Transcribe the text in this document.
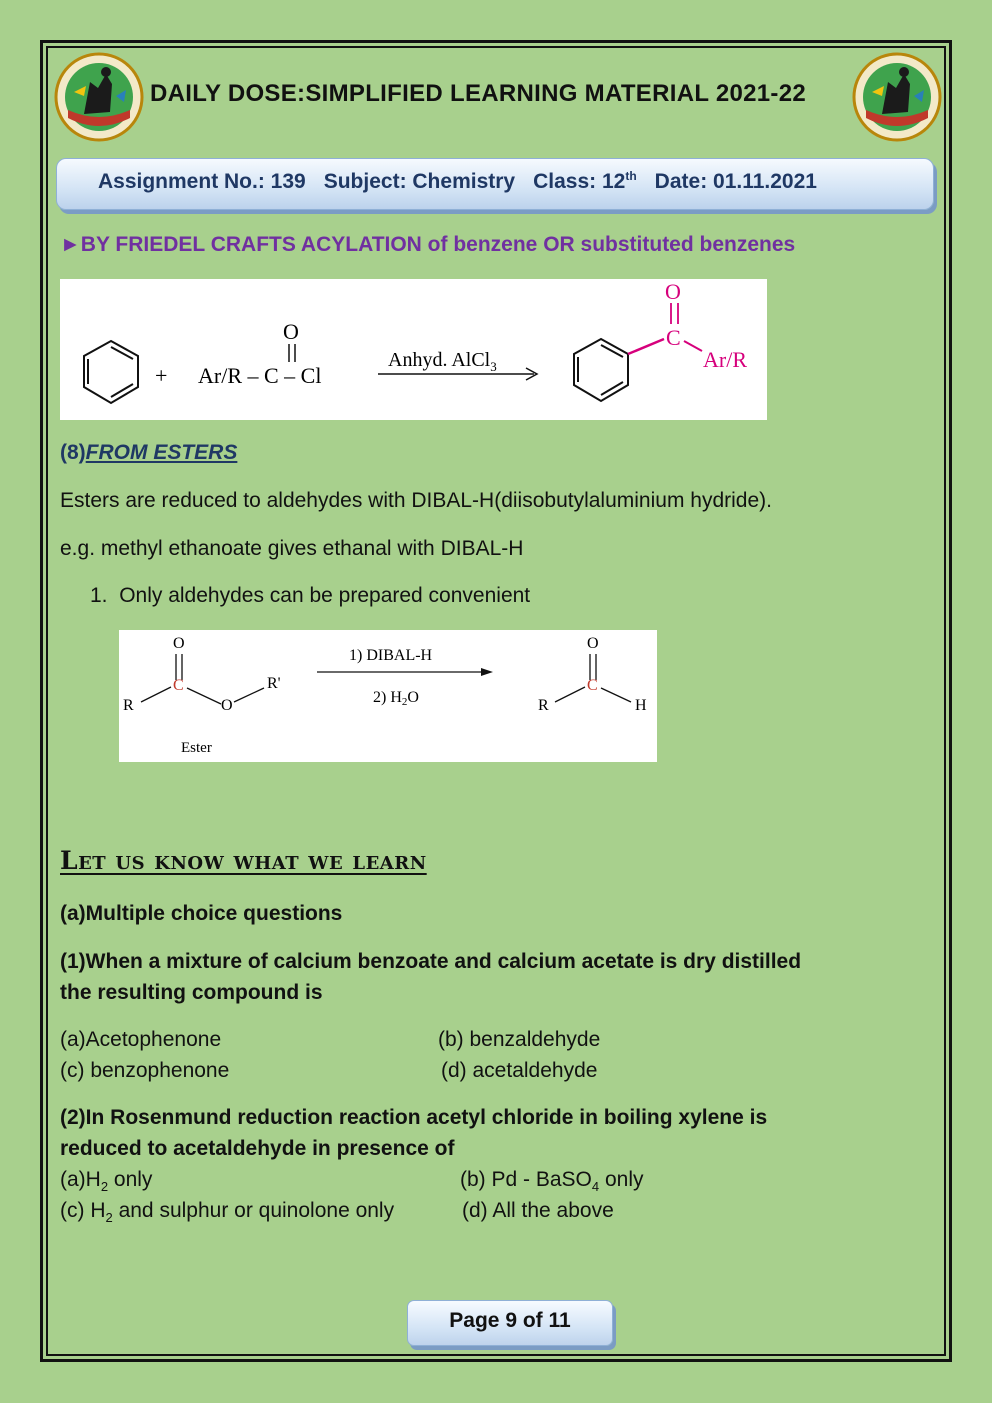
DAILY DOSE:SIMPLIFIED LEARNING MATERIAL 2021-22
Assignment No.: 139 Subject: Chemistry Class: 12th Date: 01.11.2021
►BY FRIEDEL CRAFTS ACYLATION of benzene OR substituted benzenes
+ Ar/R – C – Cl
O
Anhyd. AlCl$_3$
C
O
Ar/R
(8)FROM ESTERS
Esters are reduced to aldehydes with DIBAL-H(diisobutylaluminium hydride).
e.g. methyl ethanoate gives ethanal with DIBAL-H
1. Only aldehydes can be prepared convenient
O
C
R	O
R'
Ester
1) DIBAL-H
2) H2O
O
C
R	H
Let us know what we learn
(a)Multiple choice questions
(1)When a mixture of calcium benzoate and calcium acetate is dry distilled
the resulting compound is
(a)Acetophenone	(b) benzaldehyde
(c) benzophenone	(d) acetaldehyde
(2)In Rosenmund reduction reaction acetyl chloride in boiling xylene is
reduced to acetaldehyde in presence of
$(a)H_2$ only	(b) Pd - BaSO$_4$ only
(c) $H_2$ and sulphur or quinolone only	(d) All the above
Page 9 of 11
